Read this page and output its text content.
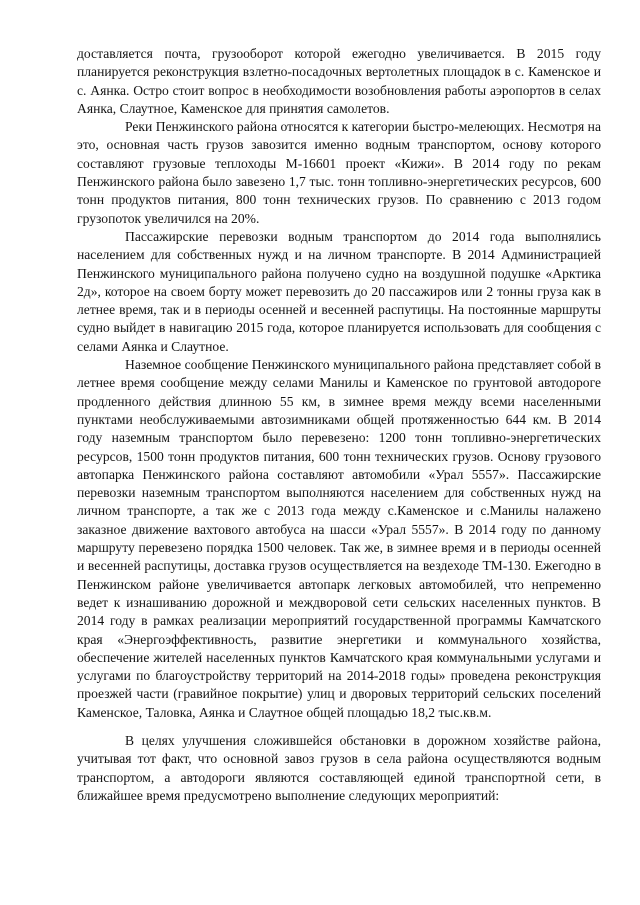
доставляется почта, грузооборот которой ежегодно увеличивается. В 2015 году планируется реконструкция взлетно-посадочных вертолетных площадок в с. Каменское и с. Аянка. Остро стоит вопрос в необходимости возобновления работы аэропортов в селах Аянка, Слаутное, Каменское для принятия самолетов.

Реки Пенжинского района относятся к категории быстро-мелеющих. Несмотря на это, основная часть грузов завозится именно водным транспортом, основу которого составляют грузовые теплоходы М-16601 проект «Кижи». В 2014 году по рекам Пенжинского района было завезено 1,7 тыс. тонн топливно-энергетических ресурсов, 600 тонн продуктов питания, 800 тонн технических грузов. По сравнению с 2013 годом грузопоток увеличился на 20%.

Пассажирские перевозки водным транспортом до 2014 года выполнялись населением для собственных нужд и на личном транспорте. В 2014 Администрацией Пенжинского муниципального района получено судно на воздушной подушке «Арктика 2д», которое на своем борту может перевозить до 20 пассажиров или 2 тонны груза как в летнее время, так и в периоды осенней и весенней распутицы. На постоянные маршруты судно выйдет в навигацию 2015 года, которое планируется использовать для сообщения с селами Аянка и Слаутное.

Наземное сообщение Пенжинского муниципального района представляет собой в летнее время сообщение между селами Манилы и Каменское по грунтовой автодороге продленного действия длинною 55 км, в зимнее время между всеми населенными пунктами необслуживаемыми автозимниками общей протяженностью 644 км. В 2014 году наземным транспортом было перевезено: 1200 тонн топливно-энергетических ресурсов, 1500 тонн продуктов питания, 600 тонн технических грузов. Основу грузового автопарка Пенжинского района составляют автомобили «Урал 5557». Пассажирские перевозки наземным транспортом выполняются населением для собственных нужд на личном транспорте, а так же с 2013 года между с.Каменское и с.Манилы налажено заказное движение вахтового автобуса на шасси «Урал 5557». В 2014 году по данному маршруту перевезено порядка 1500 человек. Так же, в зимнее время и в периоды осенней и весенней распутицы, доставка грузов осуществляется на вездеходе ТМ-130. Ежегодно в Пенжинском районе увеличивается автопарк легковых автомобилей, что непременно ведет к изнашиванию дорожной и междворовой сети сельских населенных пунктов. В 2014 году в рамках реализации мероприятий государственной программы Камчатского края «Энергоэффективность, развитие энергетики и коммунального хозяйства, обеспечение жителей населенных пунктов Камчатского края коммунальными услугами и услугами по благоустройству территорий на 2014-2018 годы» проведена реконструкция проезжей части (гравийное покрытие) улиц и дворовых территорий сельских поселений Каменское, Таловка, Аянка и Слаутное общей площадью 18,2 тыс.кв.м.

В целях улучшения сложившейся обстановки в дорожном хозяйстве района, учитывая тот факт, что основной завоз грузов в села района осуществляются водным транспортом, а автодороги являются составляющей единой транспортной сети, в ближайшее время предусмотрено выполнение следующих мероприятий:
